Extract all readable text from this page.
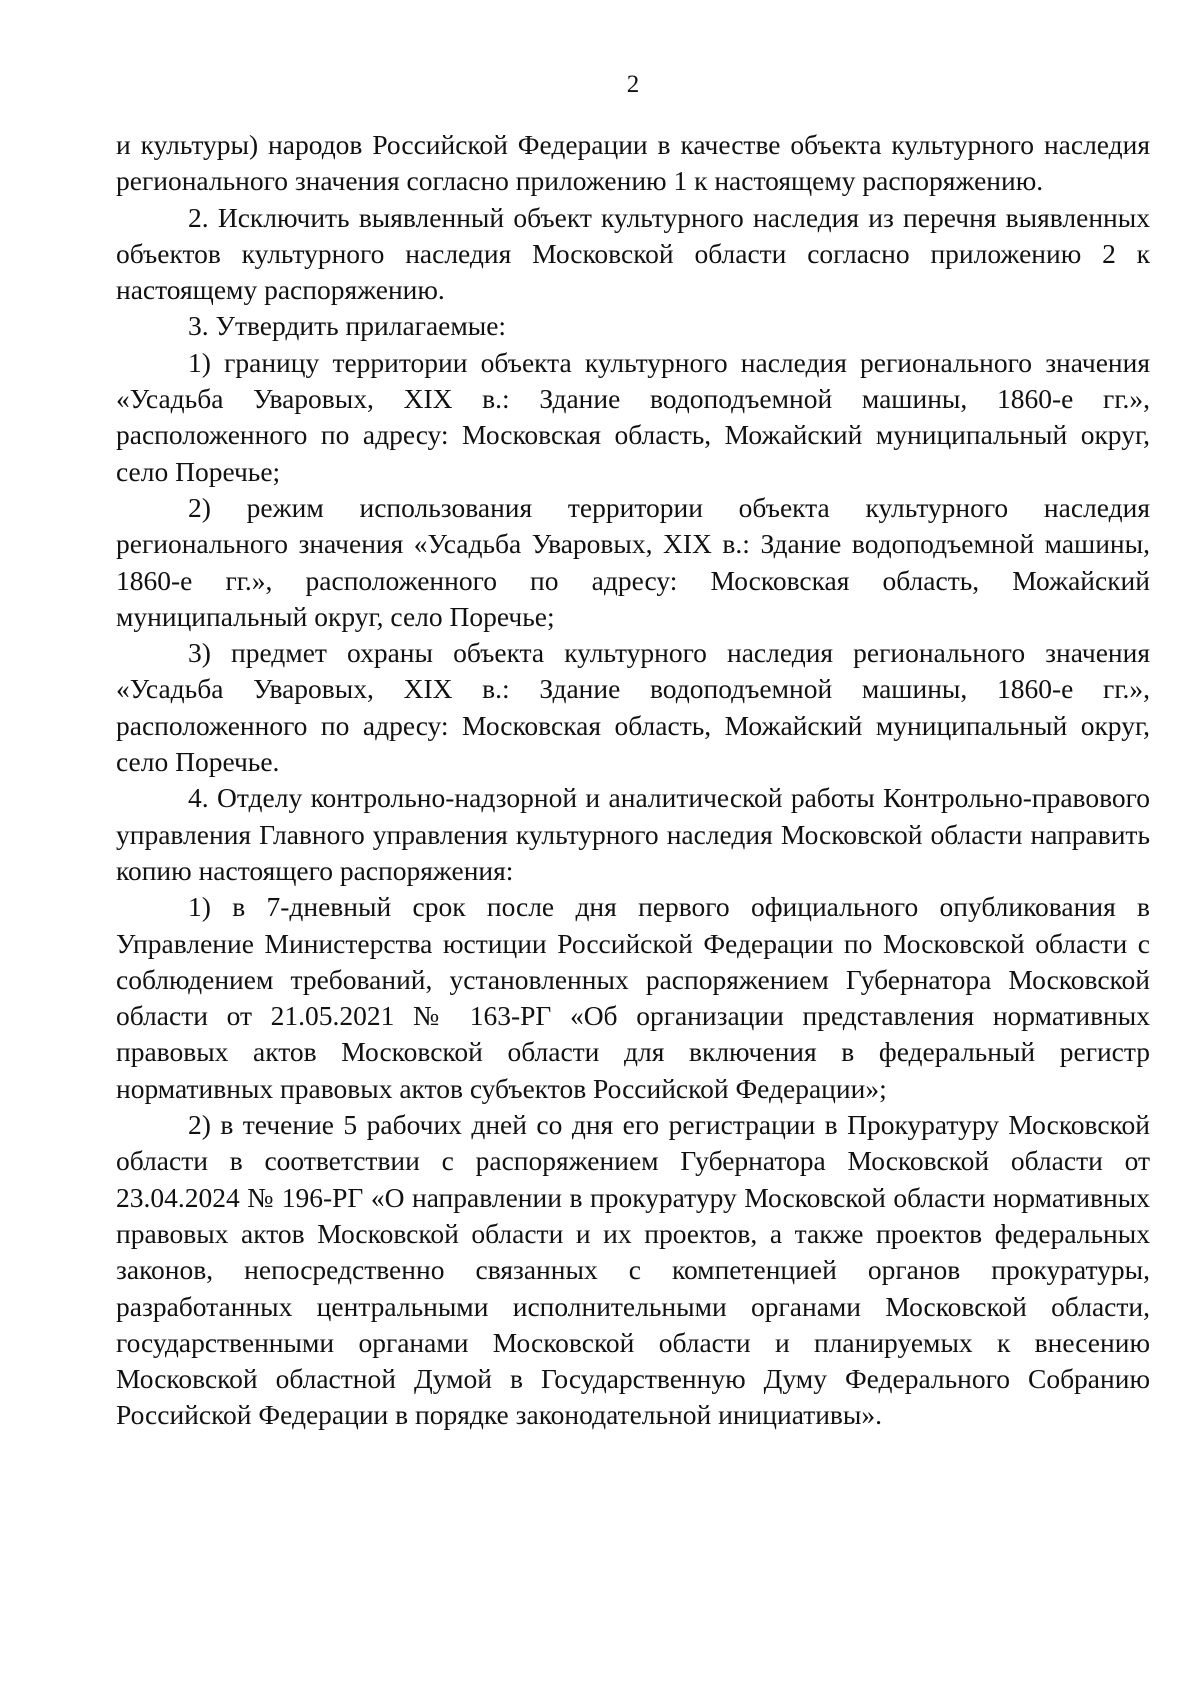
2

и культуры) народов Российской Федерации в качестве объекта культурного наследия регионального значения согласно приложению 1 к настоящему распоряжению.

2. Исключить выявленный объект культурного наследия из перечня выявленных объектов культурного наследия Московской области согласно приложению 2 к настоящему распоряжению.

3. Утвердить прилагаемые:

1) границу территории объекта культурного наследия регионального значения «Усадьба Уваровых, XIX в.: Здание водоподъемной машины, 1860-е гг.», расположенного по адресу: Московская область, Можайский муниципальный округ, село Поречье;

2) режим использования территории объекта культурного наследия регионального значения «Усадьба Уваровых, XIX в.: Здание водоподъемной машины, 1860-е гг.», расположенного по адресу: Московская область, Можайский муниципальный округ, село Поречье;

3) предмет охраны объекта культурного наследия регионального значения «Усадьба Уваровых, XIX в.: Здание водоподъемной машины, 1860-е гг.», расположенного по адресу: Московская область, Можайский муниципальный округ, село Поречье.

4. Отделу контрольно-надзорной и аналитической работы Контрольно-правового управления Главного управления культурного наследия Московской области направить копию настоящего распоряжения:

1) в 7-дневный срок после дня первого официального опубликования в Управление Министерства юстиции Российской Федерации по Московской области с соблюдением требований, установленных распоряжением Губернатора Московской области от 21.05.2021 № 163-РГ «Об организации представления нормативных правовых актов Московской области для включения в федеральный регистр нормативных правовых актов субъектов Российской Федерации»;

2) в течение 5 рабочих дней со дня его регистрации в Прокуратуру Московской области в соответствии с распоряжением Губернатора Московской области от 23.04.2024 № 196-РГ «О направлении в прокуратуру Московской области нормативных правовых актов Московской области и их проектов, а также проектов федеральных законов, непосредственно связанных с компетенцией органов прокуратуры, разработанных центральными исполнительными органами Московской области, государственными органами Московской области и планируемых к внесению Московской областной Думой в Государственную Думу Федерального Собранию Российской Федерации в порядке законодательной инициативы».
